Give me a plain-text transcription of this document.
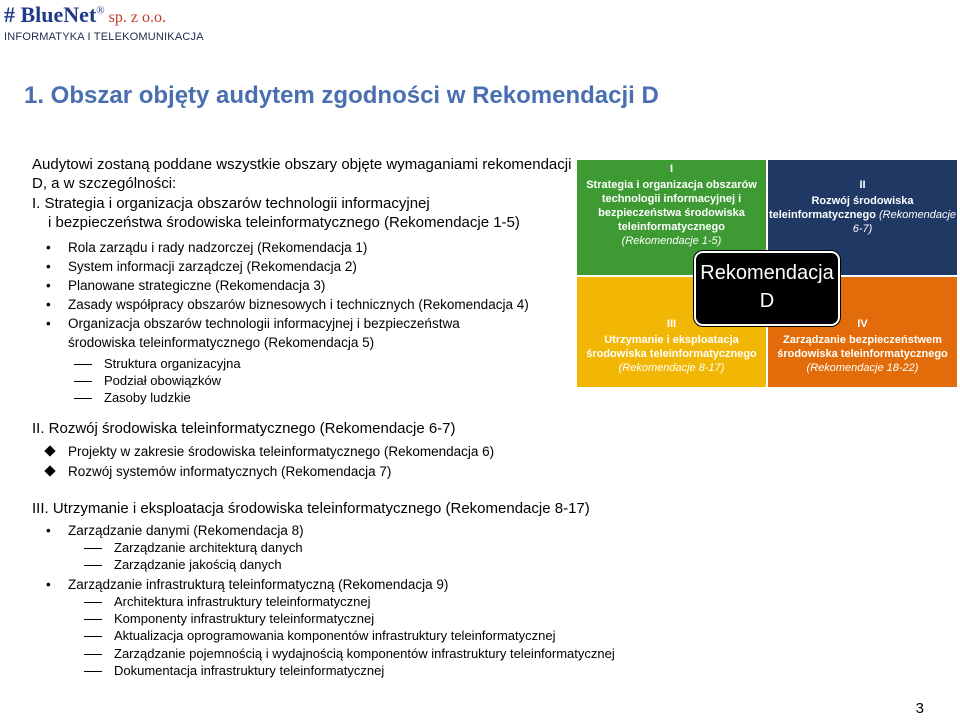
# BlueNet® sp. z o.o.
INFORMATYKA I TELEKOMUNIKACJA
1. Obszar objęty audytem zgodności w Rekomendacji D
Audytowi zostaną poddane wszystkie obszary objęte wymaganiami rekomendacji D, a w szczególności:
I. Strategia i organizacja obszarów technologii informacyjnej
i bezpieczeństwa środowiska teleinformatycznego (Rekomendacje 1-5)
• Rola zarządu i rady nadzorczej (Rekomendacja 1)
• System informacji zarządczej (Rekomendacja 2)
• Planowane strategiczne (Rekomendacja 3)
• Zasady współpracy obszarów biznesowych i technicznych (Rekomendacja 4)
• Organizacja obszarów technologii informacyjnej i bezpieczeństwa
środowiska teleinformatycznego (Rekomendacja 5)
Struktura organizacyjna
Podział obowiązków
Zasoby ludzkie
II. Rozwój środowiska teleinformatycznego (Rekomendacje 6-7)
Projekty w zakresie środowiska teleinformatycznego (Rekomendacja 6)
Rozwój systemów informatycznych (Rekomendacja 7)
III. Utrzymanie i eksploatacja środowiska teleinformatycznego (Rekomendacje 8-17)
• Zarządzanie danymi (Rekomendacja 8)
Zarządzanie architekturą danych
Zarządzanie jakością danych
• Zarządzanie infrastrukturą teleinformatyczną (Rekomendacja 9)
Architektura infrastruktury teleinformatycznej
Komponenty infrastruktury teleinformatycznej
Aktualizacja oprogramowania komponentów infrastruktury teleinformatycznej
Zarządzanie pojemnością i wydajnością komponentów infrastruktury teleinformatycznej
Dokumentacja infrastruktury teleinformatycznej
I
Strategia i organizacja obszarów
technologii informacyjnej i
bezpieczeństwa środowiska
teleinformatycznego
(Rekomendacje 1-5)
II
Rozwój środowiska
teleinformatycznego (Rekomendacje 6-7)
III
Utrzymanie i eksploatacja
środowiska teleinformatycznego
(Rekomendacje 8-17)
IV
Zarządzanie bezpieczeństwem
środowiska teleinformatycznego
(Rekomendacje 18-22)
Rekomendacja
D
3
